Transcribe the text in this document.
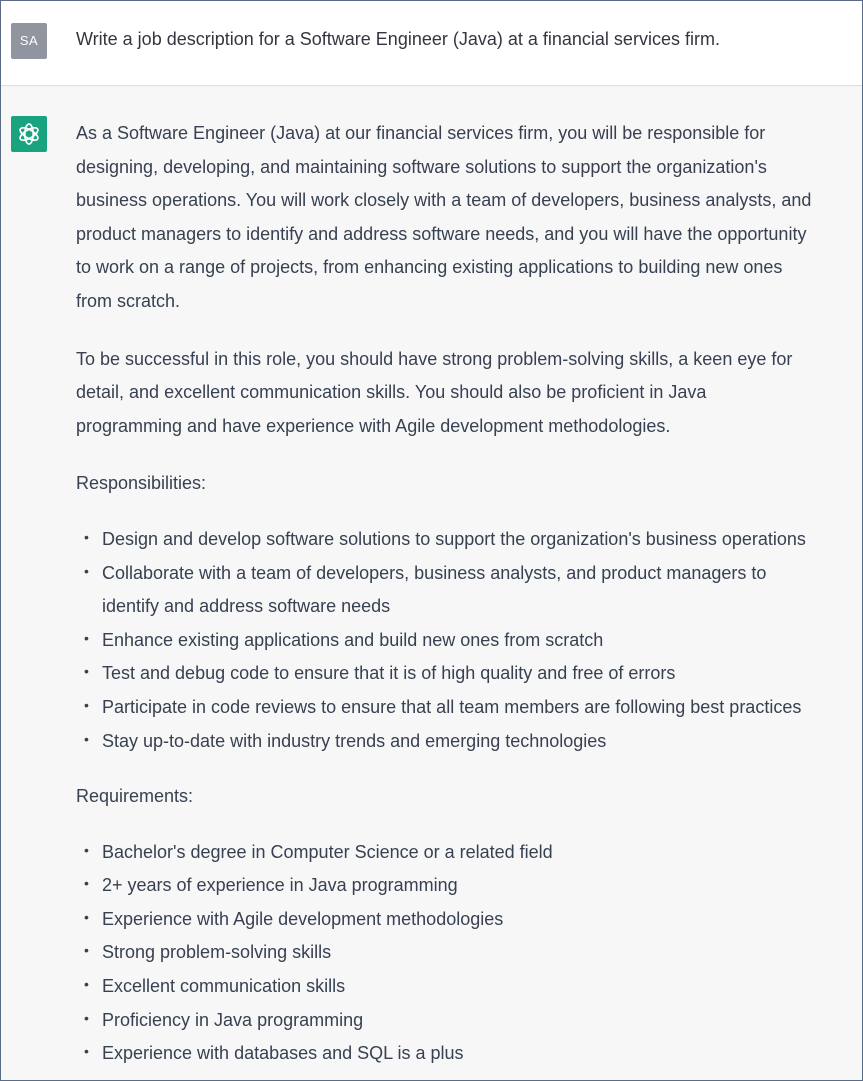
SA	Write a job description for a Software Engineer (Java) at a financial services firm.

As a Software Engineer (Java) at our financial services firm, you will be responsible for
designing, developing, and maintaining software solutions to support the organization's
business operations. You will work closely with a team of developers, business analysts, and
product managers to identify and address software needs, and you will have the opportunity
to work on a range of projects, from enhancing existing applications to building new ones
from scratch.

To be successful in this role, you should have strong problem-solving skills, a keen eye for
detail, and excellent communication skills. You should also be proficient in Java
programming and have experience with Agile development methodologies.

Responsibilities:

• Design and develop software solutions to support the organization's business operations
• Collaborate with a team of developers, business analysts, and product managers to
identify and address software needs
• Enhance existing applications and build new ones from scratch
• Test and debug code to ensure that it is of high quality and free of errors
• Participate in code reviews to ensure that all team members are following best practices
• Stay up-to-date with industry trends and emerging technologies

Requirements:

• Bachelor's degree in Computer Science or a related field
• 2+ years of experience in Java programming
• Experience with Agile development methodologies
• Strong problem-solving skills
• Excellent communication skills
• Proficiency in Java programming
• Experience with databases and SQL is a plus
